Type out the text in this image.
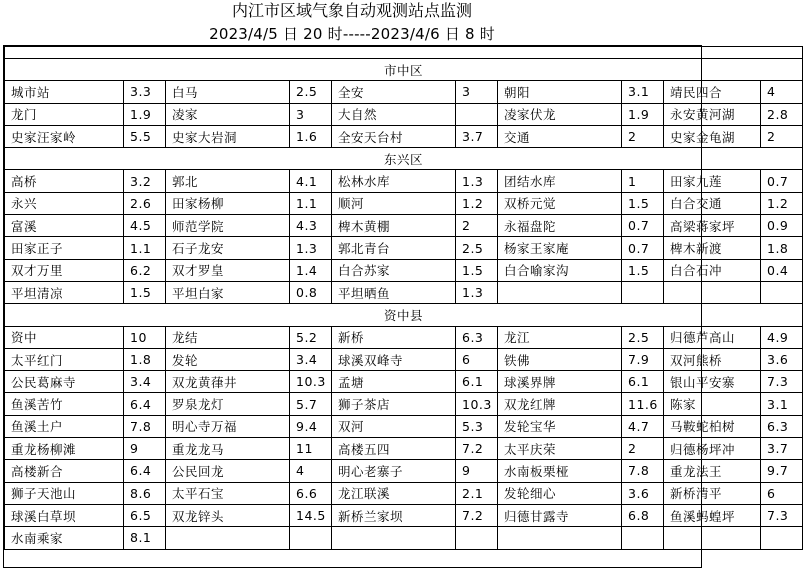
内江市区域气象自动观测站点监测
2023/4/5 日 20 时-----2023/4/6 日 8 时

市中区									
城市站	3.3	白马	2.5	全安	3	朝阳	3.1	靖民四合	4
龙门	1.9	凌家	3	大自然		凌家伏龙	1.9	永安黄河湖	2.8
史家汪家岭	5.5	史家大岩洞	1.6	全安天台村	3.7	交通	2	史家金龟湖	2
东兴区									
高桥	3.2	郭北	4.1	松林水库	1.3	团结水库	1	田家九莲	0.7
永兴	2.6	田家杨柳	1.1	顺河	1.2	双桥元觉	1.5	白合交通	1.2
富溪	4.5	师范学院	4.3	椑木黄棚	2	永福盘陀	0.7	高梁蒋家坪	0.9
田家正子	1.1	石子龙安	1.3	郭北青台	2.5	杨家王家庵	0.7	椑木新渡	1.8
双才万里	6.2	双才罗皇	1.4	白合苏家	1.5	白合喻家沟	1.5	白合石冲	0.4
平坦清凉	1.5	平坦白家	0.8	平坦晒鱼	1.3				
资中县									
资中	10	龙结	5.2	新桥	6.3	龙江	2.5	归德芦高山	4.9
太平红门	1.8	发轮	3.4	球溪双峰寺	6	铁佛	7.9	双河熊桥	3.6
公民葛麻寺	3.4	双龙黄葎井	10.3	孟塘	6.1	球溪界牌	6.1	银山平安寨	7.3
鱼溪苦竹	6.4	罗泉龙灯	5.7	狮子茶店	10.3	双龙红牌	11.6	陈家	3.1
鱼溪土户	7.8	明心寺万福	9.4	双河	5.3	发轮宝华	4.7	马鞍蛇柏树	6.3
重龙杨柳滩	9	重龙龙马	11	高楼五四	7.2	太平庆荣	2	归德杨坪冲	3.7
高楼新合	6.4	公民回龙	4	明心老寨子	9	水南板栗桠	7.8	重龙法王	9.7
狮子天池山	8.6	太平石宝	6.6	龙江联溪	2.1	发轮细心	3.6	新桥清平	6
球溪白草坝	6.5	双龙锌头	14.5	新桥兰家坝	7.2	归德甘露寺	6.8	鱼溪蚂蝗坪	7.3
水南乘家	8.1								
